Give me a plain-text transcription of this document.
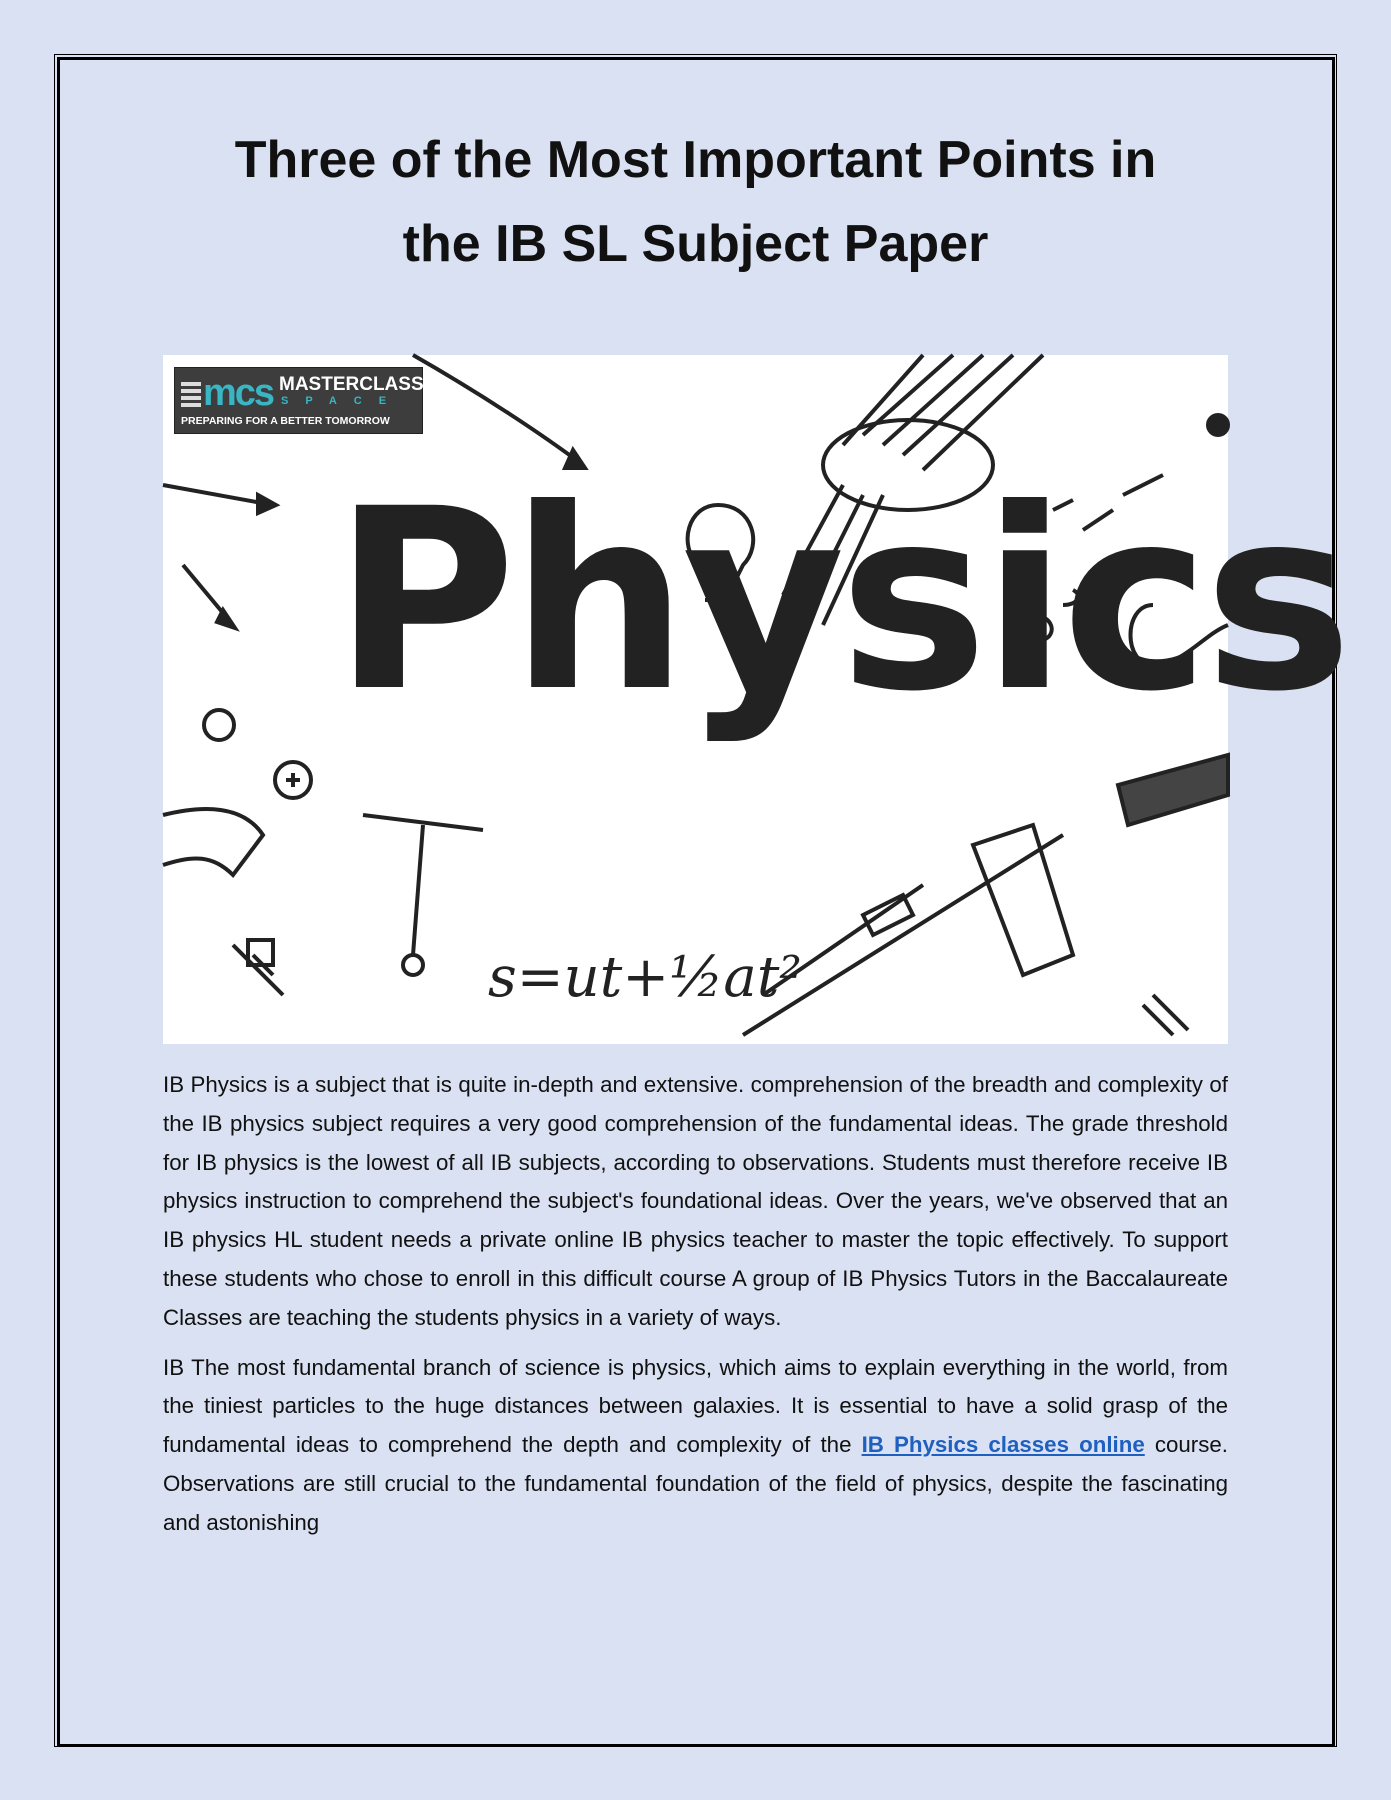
Three of the Most Important Points in
the IB SL Subject Paper
mcs MASTERCLASS
SPACE
PREPARING FOR A BETTER TOMORROW
Physics
s=ut+½at²

IB Physics is a subject that is quite in-depth and extensive. comprehension of the breadth and complexity of the IB physics subject requires a very good comprehension of the fundamental ideas. The grade threshold for IB physics is the lowest of all IB subjects, according to observations. Students must therefore receive IB physics instruction to comprehend the subject's foundational ideas. Over the years, we've observed that an IB physics HL student needs a private online IB physics teacher to master the topic effectively. To support these students who chose to enroll in this difficult course A group of IB Physics Tutors in the Baccalaureate Classes are teaching the students physics in a variety of ways.

IB The most fundamental branch of science is physics, which aims to explain everything in the world, from the tiniest particles to the huge distances between galaxies. It is essential to have a solid grasp of the fundamental ideas to comprehend the depth and complexity of the IB Physics classes online course. Observations are still crucial to the fundamental foundation of the field of physics, despite the fascinating and astonishing
